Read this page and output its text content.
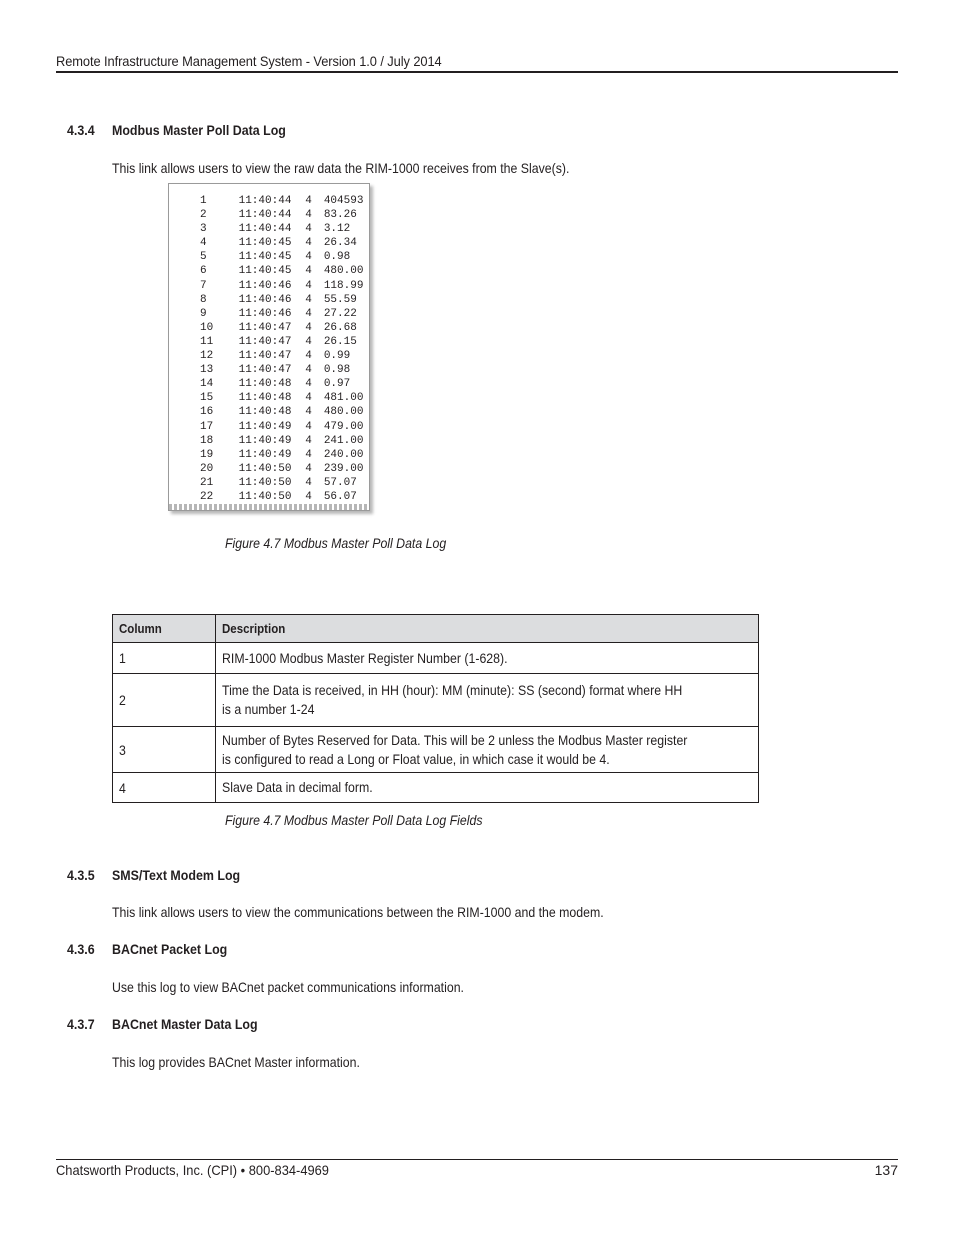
Remote Infrastructure Management System - Version 1.0 / July 2014
4.3.4 Modbus Master Poll Data Log
This link allows users to view the raw data the RIM-1000 receives from the Slave(s).
1	11:40:44 4 404593
2	11:40:44 4 83.26
3	11:40:44 4 3.12
4	11:40:45 4 26.34
5	11:40:45 4 0.98
6	11:40:45 4 480.00
7	11:40:46 4 118.99
8	11:40:46 4 55.59
9	11:40:46 4 27.22
10 11:40:47 4 26.68
11 11:40:47 4 26.15
12 11:40:47 4 0.99
13 11:40:47 4 0.98
14 11:40:48 4 0.97
15 11:40:48 4 481.00
16 11:40:48 4 480.00
17 11:40:49 4 479.00
18 11:40:49 4 241.00
19 11:40:49 4 240.00
20 11:40:50 4 239.00
21 11:40:50 4 57.07
22 11:40:50 4 56.07
Figure 4.7 Modbus Master Poll Data Log
Column	Description
1	RIM-1000 Modbus Master Register Number (1-628).
2	Time the Data is received, in HH (hour): MM (minute): SS (second) format where HH is a number 1-24
3	Number of Bytes Reserved for Data. This will be 2 unless the Modbus Master register is configured to read a Long or Float value, in which case it would be 4.
4	Slave Data in decimal form.
Figure 4.7 Modbus Master Poll Data Log Fields
4.3.5 SMS/Text Modem Log
This link allows users to view the communications between the RIM-1000 and the modem.
4.3.6 BACnet Packet Log
Use this log to view BACnet packet communications information.
4.3.7 BACnet Master Data Log
This log provides BACnet Master information.
Chatsworth Products, Inc. (CPI) • 800-834-4969	137
